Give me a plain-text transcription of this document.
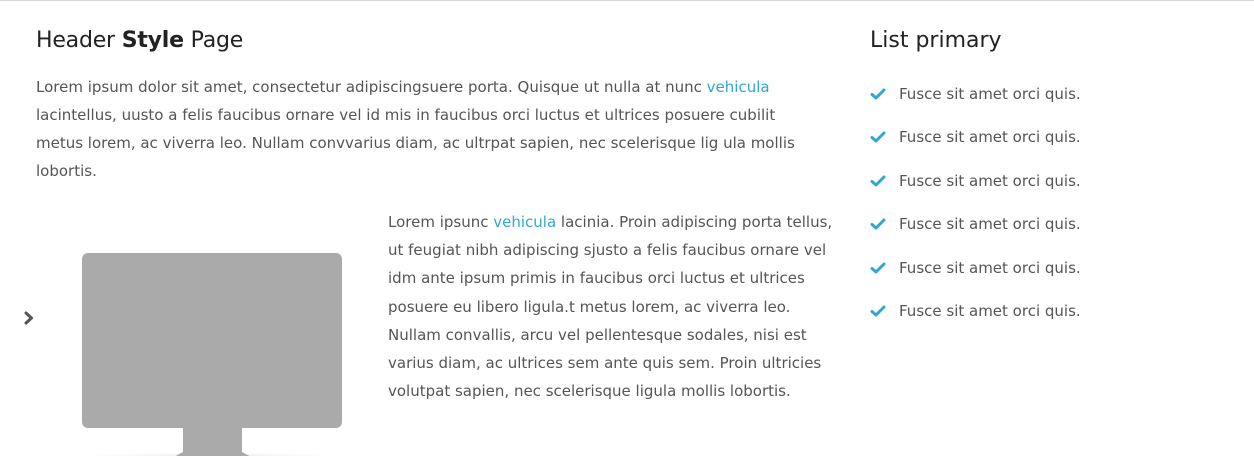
Header Style Page

Lorem ipsum dolor sit amet, consectetur adipiscingsuere porta. Quisque ut nulla at nunc vehicula lacintellus, uusto a felis faucibus ornare vel id mis in faucibus orci luctus et ultrices posuere cubilit metus lorem, ac viverra leo. Nullam convvarius diam, ac ultrpat sapien, nec scelerisque lig ula mollis lobortis.

Lorem ipsunc vehicula lacinia. Proin adipiscing porta tellus, ut feugiat nibh adipiscing sjusto a felis faucibus ornare vel idm ante ipsum primis in faucibus orci luctus et ultrices posuere eu libero ligula.t metus lorem, ac viverra leo. Nullam convallis, arcu vel pellentesque sodales, nisi est varius diam, ac ultrices sem ante quis sem. Proin ultricies volutpat sapien, nec scelerisque ligula mollis lobortis.

List primary
Fusce sit amet orci quis.
Fusce sit amet orci quis.
Fusce sit amet orci quis.
Fusce sit amet orci quis.
Fusce sit amet orci quis.
Fusce sit amet orci quis.
